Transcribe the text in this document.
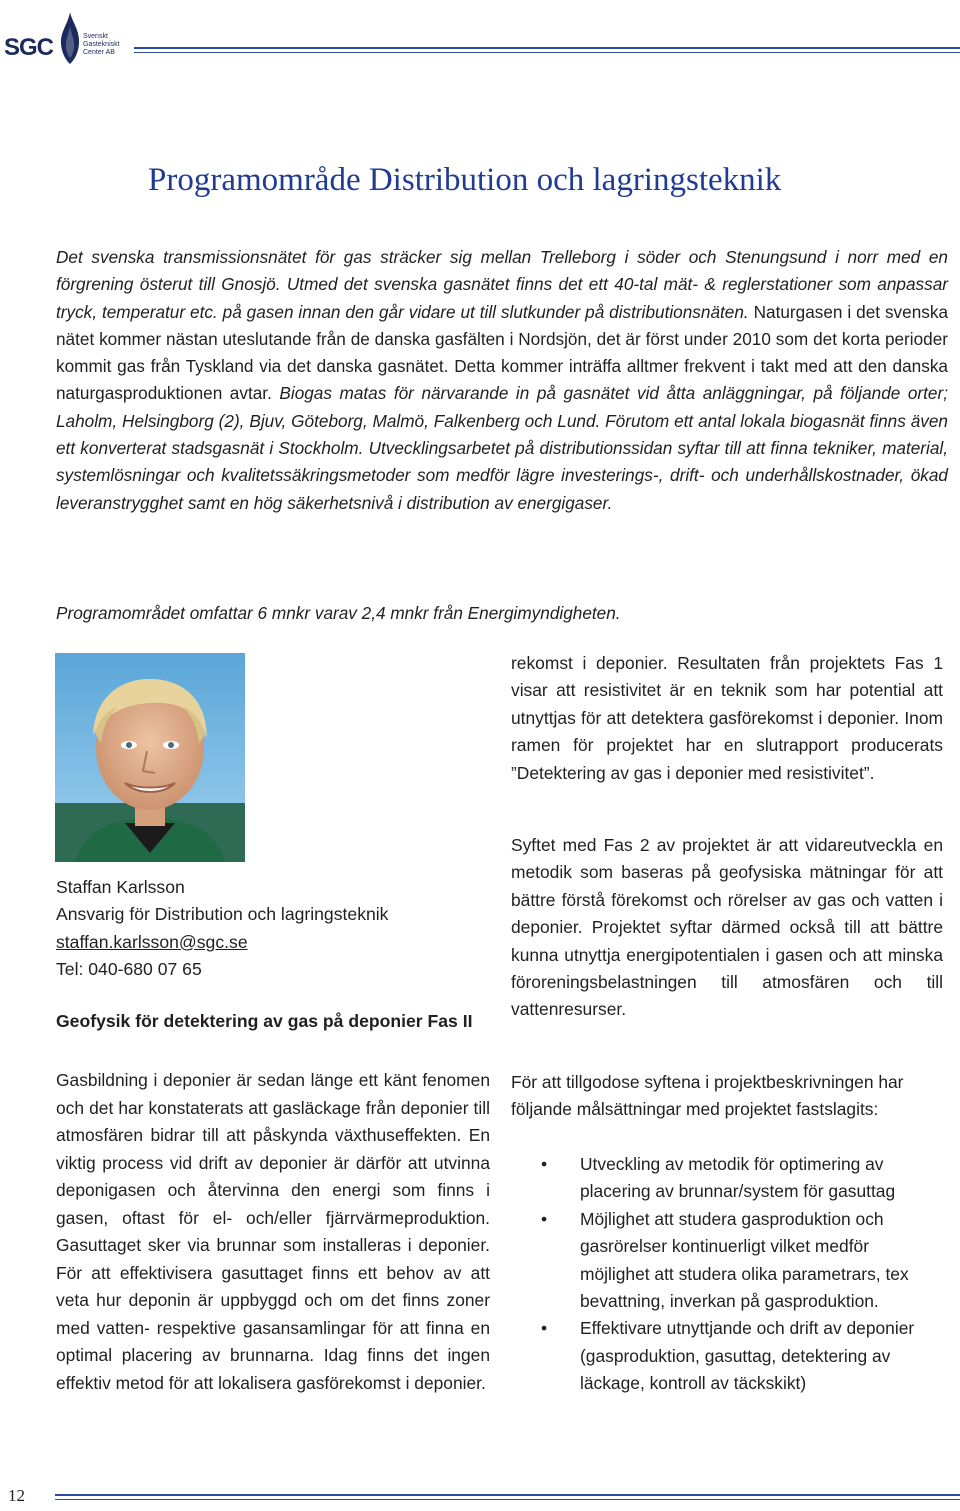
SGC	Svenskt
Gastekniskt
Center AB
Programområde Distribution och lagringsteknik
Det svenska transmissionsnätet för gas sträcker sig mellan Trelleborg i söder och Stenungsund i norr med en förgrening österut till Gnosjö. Utmed det svenska gasnätet finns det ett 40-tal mät- & reglerstationer som anpassar tryck, temperatur etc. på gasen innan den går vidare ut till slutkunder på distributionsnäten. Naturgasen i det svenska nätet kommer nästan uteslutande från de danska gasfälten i Nordsjön, det är först under 2010 som det korta perioder kommit gas från Tyskland via det danska gasnätet. Detta kommer inträffa alltmer frekvent i takt med att den danska naturgasproduktionen avtar. Biogas matas för närvarande in på gasnätet vid åtta anläggningar, på följande orter; Laholm, Helsingborg (2), Bjuv, Göteborg, Malmö, Falkenberg och Lund. Förutom ett antal lokala biogasnät finns även ett konverterat stadsgasnät i Stockholm. Utvecklingsarbetet på distributionssidan syftar till att finna tekniker, material, systemlösningar och kvalitetssäkringsmetoder som medför lägre investerings-, drift- och underhållskostnader, ökad leveranstrygghet samt en hög säkerhetsnivå i distribution av energigaser.
Programområdet omfattar 6 mnkr varav 2,4 mnkr från Energimyndigheten.
Staffan Karlsson
Ansvarig för Distribution och lagringsteknik
staffan.karlsson@sgc.se
Tel: 040-680 07 65
Geofysik för detektering av gas på deponier Fas II
Gasbildning i deponier är sedan länge ett känt fenomen och det har konstaterats att gasläckage från deponier till atmosfären bidrar till att påskynda växthuseffekten. En viktig process vid drift av deponier är därför att utvinna deponigasen och återvinna den energi som finns i gasen, oftast för el- och/eller fjärrvärmeproduktion. Gasuttaget sker via brunnar som installeras i deponier. För att effektivisera gasuttaget finns ett behov av att veta hur deponin är uppbyggd och om det finns zoner med vatten- respektive gasansamlingar för att finna en optimal placering av brunnarna. Idag finns det ingen effektiv metod för att lokalisera gasförekomst i deponier.
rekomst i deponier. Resultaten från projektets Fas 1 visar att resistivitet är en teknik som har potential att utnyttjas för att detektera gasförekomst i deponier. Inom ramen för projektet har en slutrapport producerats ”Detektering av gas i deponier med resistivitet”.
Syftet med Fas 2 av projektet är att vidareutveckla en metodik som baseras på geofysiska mätningar för att bättre förstå förekomst och rörelser av gas och vatten i deponier. Projektet syftar därmed också till att bättre kunna utnyttja energipotentialen i gasen och att minska föroreningsbelastningen till atmosfären och till vattenresurser.
För att tillgodose syftena i projektbeskrivningen har följande målsättningar med projektet fastslagits:
• Utveckling av metodik för optimering av placering av brunnar/system för gasuttag
• Möjlighet att studera gasproduktion och gasrörelser kontinuerligt vilket medför möjlighet att studera olika parametrars, tex bevattning, inverkan på gasproduktion.
• Effektivare utnyttjande och drift av deponier (gasproduktion, gasuttag, detektering av läckage, kontroll av täckskikt)
12
